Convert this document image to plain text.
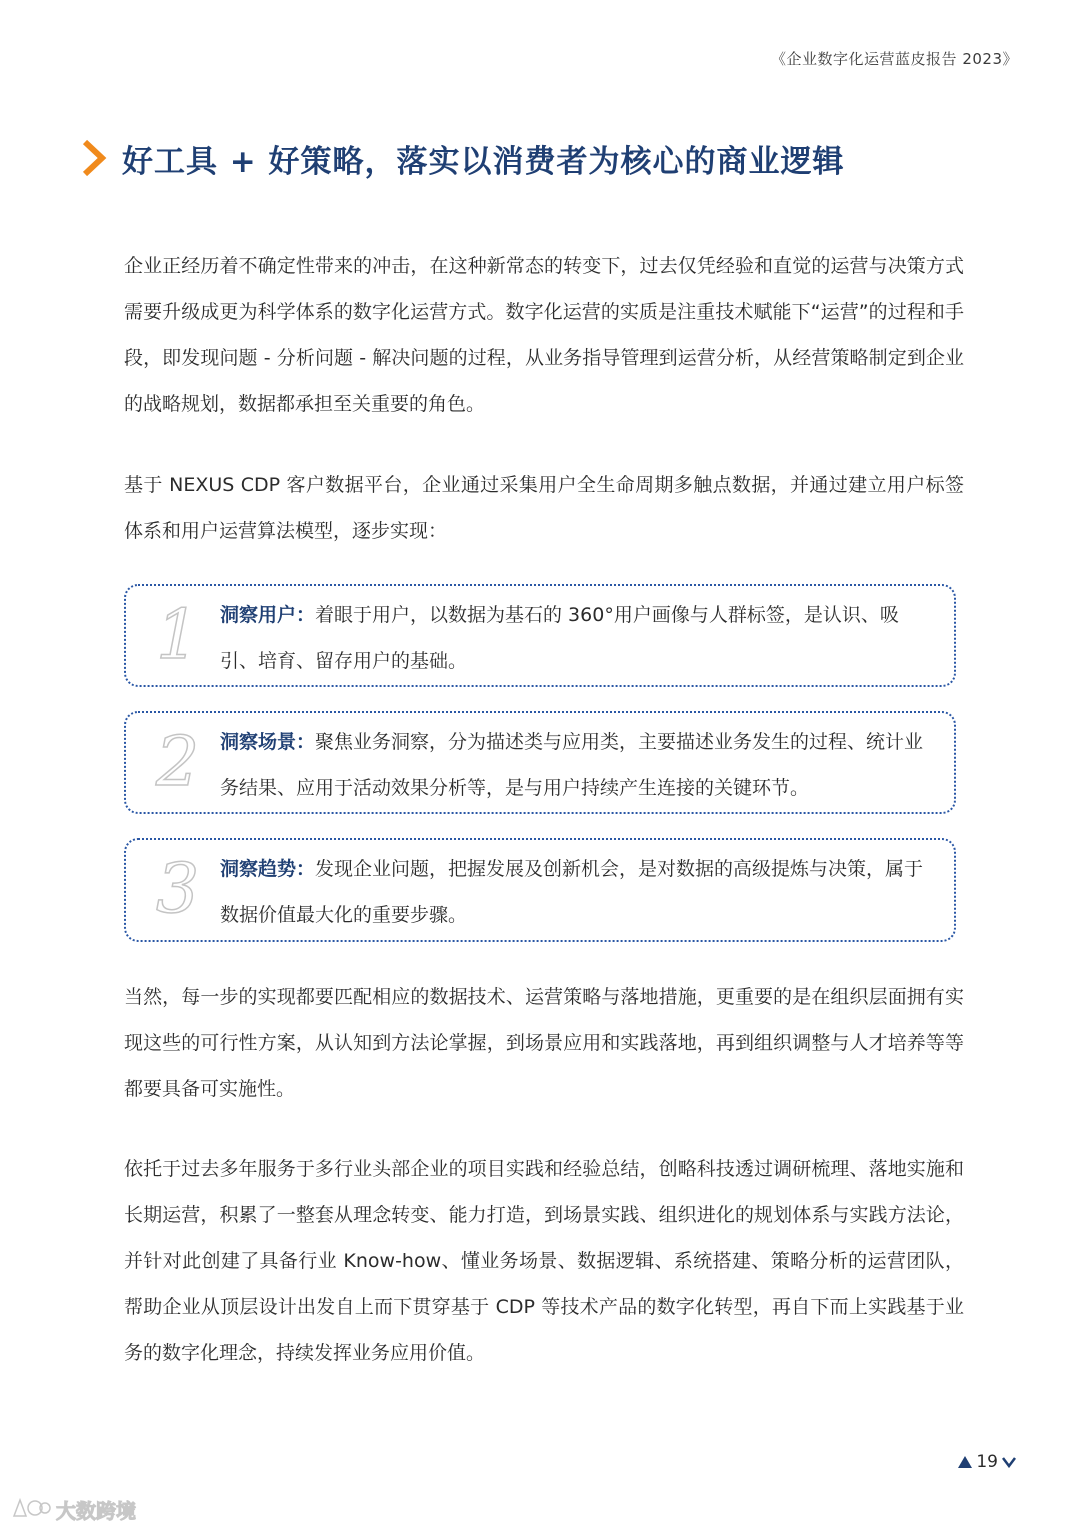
《企业数字化运营蓝皮报告 2023》
好工具 + 好策略，落实以消费者为核心的商业逻辑

企业正经历着不确定性带来的冲击，在这种新常态的转变下，过去仅凭经验和直觉的运营与决策方式需要升级成更为科学体系的数字化运营方式。数字化运营的实质是注重技术赋能下“运营”的过程和手段，即发现问题 - 分析问题 - 解决问题的过程，从业务指导管理到运营分析，从经营策略制定到企业的战略规划，数据都承担至关重要的角色。

基于 NEXUS CDP 客户数据平台，企业通过采集用户全生命周期多触点数据，并通过建立用户标签体系和用户运营算法模型，逐步实现：

1 洞察用户：着眼于用户，以数据为基石的 360°用户画像与人群标签，是认识、吸引、培育、留存用户的基础。

2 洞察场景：聚焦业务洞察，分为描述类与应用类，主要描述业务发生的过程、统计业务结果、应用于活动效果分析等，是与用户持续产生连接的关键环节。

3 洞察趋势：发现企业问题，把握发展及创新机会，是对数据的高级提炼与决策，属于数据价值最大化的重要步骤。

当然，每一步的实现都要匹配相应的数据技术、运营策略与落地措施，更重要的是在组织层面拥有实现这些的可行性方案，从认知到方法论掌握，到场景应用和实践落地，再到组织调整与人才培养等等都要具备可实施性。

依托于过去多年服务于多行业头部企业的项目实践和经验总结，创略科技透过调研梳理、落地实施和长期运营，积累了一整套从理念转变、能力打造，到场景实践、组织进化的规划体系与实践方法论，并针对此创建了具备行业 Know-how、懂业务场景、数据逻辑、系统搭建、策略分析的运营团队，帮助企业从顶层设计出发自上而下贯穿基于 CDP 等技术产品的数字化转型，再自下而上实践基于业务的数字化理念，持续发挥业务应用价值。

19
大数跨境
